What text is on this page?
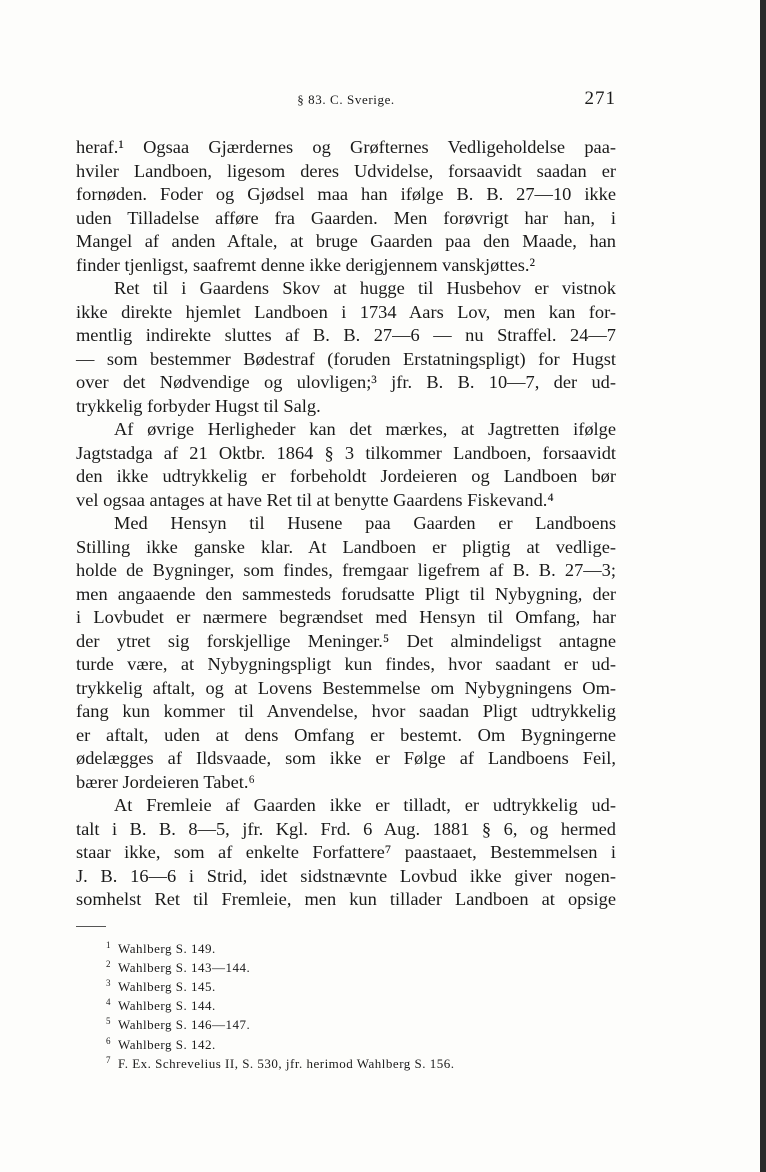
§ 83. C. Sverige.	271
heraf.¹ Ogsaa Gjærdernes og Grøfternes Vedligeholdelse paa-
hviler Landboen, ligesom deres Udvidelse, forsaavidt saadan er
fornøden. Foder og Gjødsel maa han ifølge B. B. 27—10 ikke
uden Tilladelse afføre fra Gaarden. Men forøvrigt har han, i
Mangel af anden Aftale, at bruge Gaarden paa den Maade, han
finder tjenligst, saafremt denne ikke derigjennem vanskjøttes.²
Ret til i Gaardens Skov at hugge til Husbehov er vistnok
ikke direkte hjemlet Landboen i 1734 Aars Lov, men kan for-
mentlig indirekte sluttes af B. B. 27—6 — nu Straffel. 24—7
— som bestemmer Bødestraf (foruden Erstatningspligt) for Hugst
over det Nødvendige og ulovligen;³ jfr. B. B. 10—7, der ud-
trykkelig forbyder Hugst til Salg.
Af øvrige Herligheder kan det mærkes, at Jagtretten ifølge
Jagtstadga af 21 Oktbr. 1864 § 3 tilkommer Landboen, forsaavidt
den ikke udtrykkelig er forbeholdt Jordeieren og Landboen bør
vel ogsaa antages at have Ret til at benytte Gaardens Fiskevand.⁴
Med Hensyn til Husene paa Gaarden er Landboens
Stilling ikke ganske klar. At Landboen er pligtig at vedlige-
holde de Bygninger, som findes, fremgaar ligefrem af B. B. 27—3;
men angaaende den sammesteds forudsatte Pligt til Nybygning, der
i Lovbudet er nærmere begrændset med Hensyn til Omfang, har
der ytret sig forskjellige Meninger.⁵ Det almindeligst antagne
turde være, at Nybygningspligt kun findes, hvor saadant er ud-
trykkelig aftalt, og at Lovens Bestemmelse om Nybygningens Om-
fang kun kommer til Anvendelse, hvor saadan Pligt udtrykkelig
er aftalt, uden at dens Omfang er bestemt. Om Bygningerne
ødelægges af Ildsvaade, som ikke er Følge af Landboens Feil,
bærer Jordeieren Tabet.⁶
At Fremleie af Gaarden ikke er tilladt, er udtrykkelig ud-
talt i B. B. 8—5, jfr. Kgl. Frd. 6 Aug. 1881 § 6, og hermed
staar ikke, som af enkelte Forfattere⁷ paastaaet, Bestemmelsen i
J. B. 16—6 i Strid, idet sidstnævnte Lovbud ikke giver nogen-
somhelst Ret til Fremleie, men kun tillader Landboen at opsige
1 Wahlberg S. 149.
2 Wahlberg S. 143—144.
3 Wahlberg S. 145.
4 Wahlberg S. 144.
5 Wahlberg S. 146—147.
6 Wahlberg S. 142.
7 F. Ex. Schrevelius II, S. 530, jfr. herimod Wahlberg S. 156.
